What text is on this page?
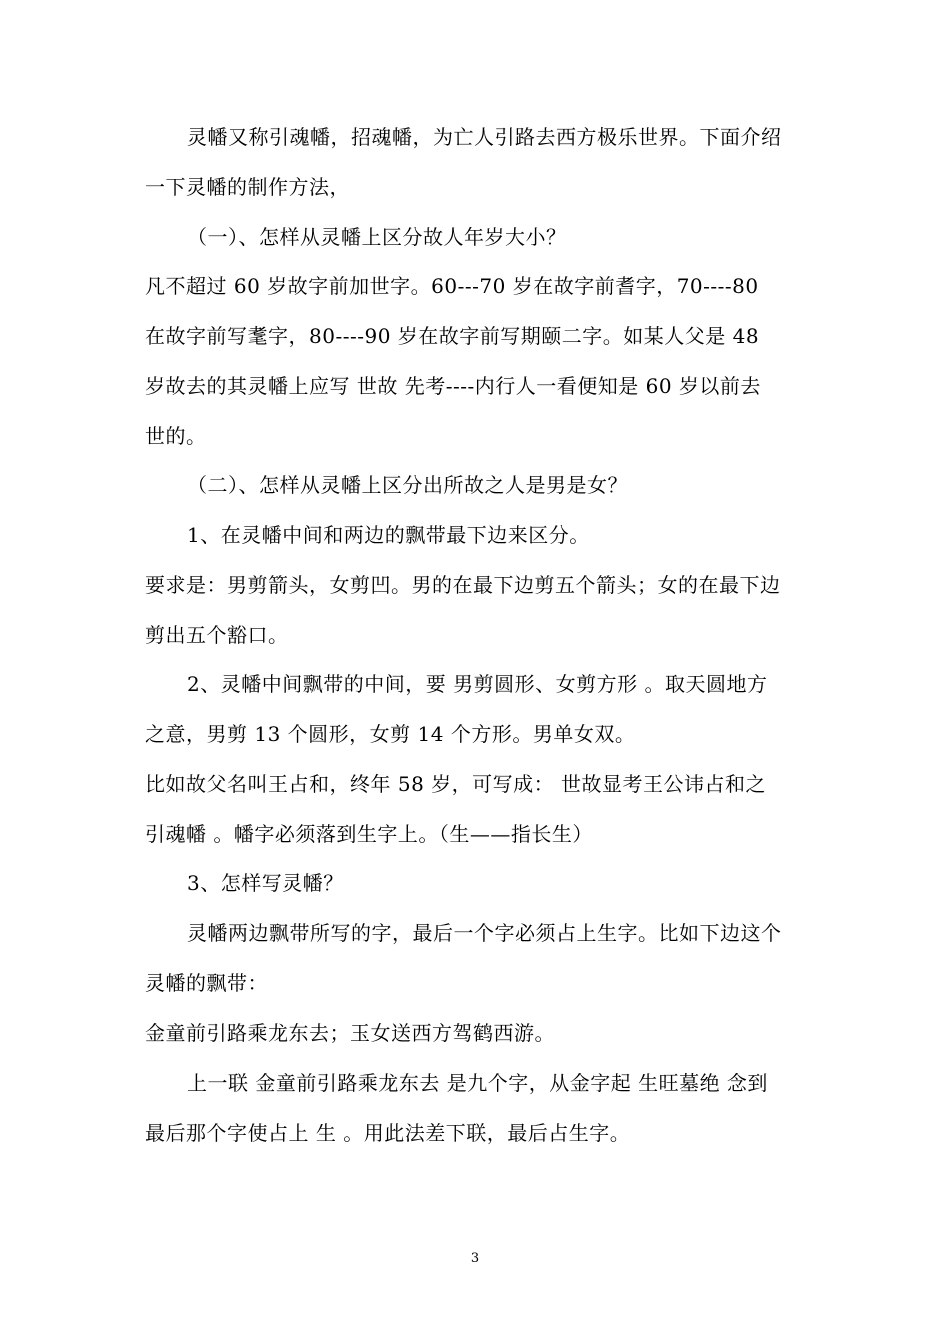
灵幡又称引魂幡，招魂幡，为亡人引路去西方极乐世界。下面介绍
一下灵幡的制作方法，
（一）、怎样从灵幡上区分故人年岁大小？
凡不超过 60 岁故字前加世字。60---70 岁在故字前耆字，70----80
在故字前写耄字，80----90 岁在故字前写期颐二字。如某人父是 48
岁故去的其灵幡上应写 世故 先考----内行人一看便知是 60 岁以前去
世的。
（二）、怎样从灵幡上区分出所故之人是男是女？
1、在灵幡中间和两边的飘带最下边来区分。
要求是：男剪箭头，女剪凹。男的在最下边剪五个箭头；女的在最下边
剪出五个豁口。
2、灵幡中间飘带的中间，要 男剪圆形、女剪方形 。取天圆地方
之意，男剪 13 个圆形，女剪 14 个方形。男单女双。
比如故父名叫王占和，终年 58 岁，可写成： 世故显考王公讳占和之
引魂幡 。幡字必须落到生字上。（生——指长生）
3、怎样写灵幡？
灵幡两边飘带所写的字，最后一个字必须占上生字。比如下边这个
灵幡的飘带：
金童前引路乘龙东去；玉女送西方驾鹤西游。
上一联 金童前引路乘龙东去 是九个字，从金字起 生旺墓绝 念到
最后那个字使占上 生 。用此法差下联，最后占生字。
3
